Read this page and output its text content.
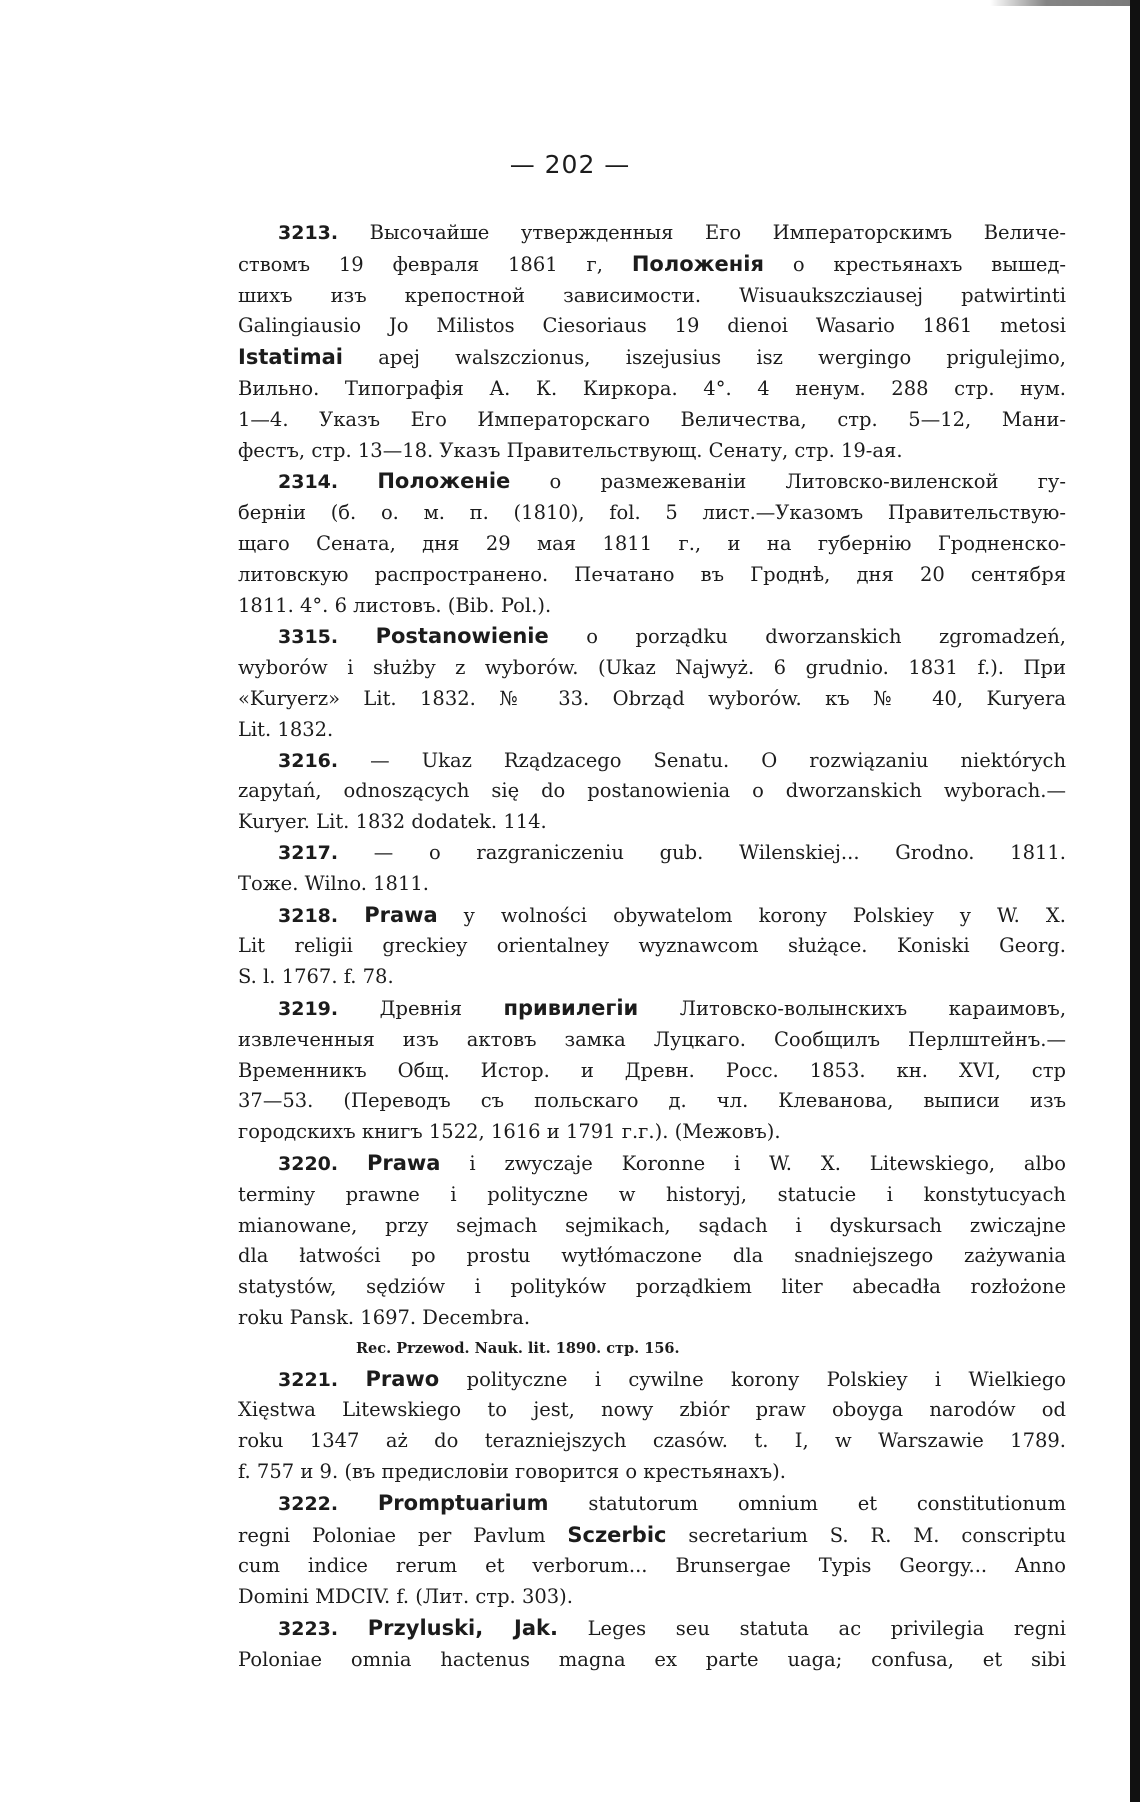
— 202 —
3213. Высочайше утвержденныя Его Императорскимъ Величе-
ствомъ 19 февраля 1861 г, Положенія о крестьянахъ вышед-
шихъ изъ крепостной зависимости. Wisuaukszcziausej patwirtinti
Galingiausio Jo Milistos Ciesoriaus 19 dienoi Wasario 1861 metosi
Istatimai apej walszczionus, iszejusius isz wergingo prigulejimo,
Вильно. Типографія А. К. Киркора. 4°. 4 ненум. 288 стр. нум.
1—4. Указъ Его Императорскаго Величества, стр. 5—12, Мани-
фестъ, стр. 13—18. Указъ Правительствующ. Сенату, стр. 19-ая.
2314. Положеніе о размежеваніи Литовско-виленской гу-
берніи (б. о. м. п. (1810), fol. 5 лист.—Указомъ Правительствую-
щаго Сената, дня 29 мая 1811 г., и на губернію Гродненско-
литовскую распространено. Печатано въ Гроднѣ, дня 20 сентября
1811. 4°. 6 листовъ. (Bib. Pol.).
3315. Postanowienie o porządku dworzanskich zgromadzeń,
wyborów i służby z wyborów. (Ukaz Najwyż. 6 grudnio. 1831 f.). При
«Kuryerz» Lit. 1832. № 33. Obrząd wyborów. къ № 40, Kuryera
Lit. 1832.
3216. — Ukaz Rządzacego Senatu. O rozwiązaniu niektórych
zapytań, odnoszących się do postanowienia o dworzanskich wyborach.—
Kuryer. Lit. 1832 dodatek. 114.
3217. — o razgraniczeniu gub. Wilenskiej... Grodno. 1811.
Тоже. Wilno. 1811.
3218. Prawa y wolności obywatelom korony Polskiey y W. X.
Lit religii greckiey orientalney wyznawcom służące. Koniski Georg.
S. l. 1767. f. 78.
3219. Древнія привилегіи Литовско-волынскихъ караимовъ,
извлеченныя изъ актовъ замка Луцкаго. Сообщилъ Перлштейнъ.—
Временникъ Общ. Истор. и Древн. Росс. 1853. кн. XVI, стр
37—53. (Переводъ съ польскаго д. чл. Клеванова, выписи изъ
городскихъ книгъ 1522, 1616 и 1791 г.г.). (Межовъ).
3220. Prawa i zwyczaje Koronne i W. X. Litewskiego, albo
terminy prawne i polityczne w historyj, statucie i konstytucyach
mianowane, przy sejmach sejmikach, sądach i dyskursach zwiczajne
dla łatwości po prostu wytłómaczone dla snadniejszego zażywania
statystów, sędziów i polityków porządkiem liter abecadła rozłożone
roku Pansk. 1697. Decembra.
Rec. Przewod. Nauk. lit. 1890. стр. 156.
3221. Prawo polityczne i cywilne korony Polskiey i Wielkiego
Xięstwa Litewskiego to jest, nowy zbiór praw oboyga narodów od
roku 1347 aż do terazniejszych czasów. t. I, w Warszawie 1789.
f. 757 и 9. (въ предисловіи говорится о крестьянахъ).
3222. Promptuarium statutorum omnium et constitutionum
regni Poloniae per Pavlum Sczerbic secretarium S. R. M. conscriptu
cum indice rerum et verborum... Brunsergae Typis Georgy... Anno
Domini MDCIV. f. (Лит. стр. 303).
3223. Przyluski, Jak. Leges seu statuta ac privilegia regni
Poloniae omnia hactenus magna ex parte uaga; confusa, et sibi
